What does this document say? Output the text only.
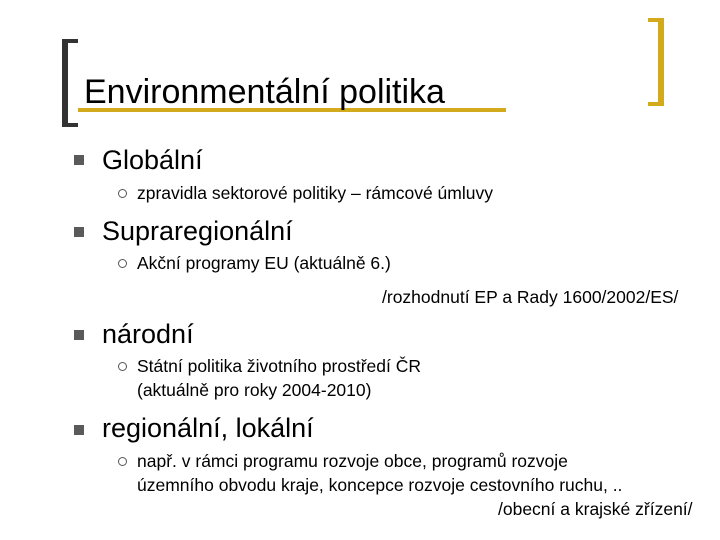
Environmentální politika
Globální
zpravidla sektorové politiky – rámcové úmluvy
Supraregionální
Akční programy EU (aktuálně 6.)
/rozhodnutí EP a Rady 1600/2002/ES/
národní
Státní politika životního prostředí ČR
(aktuálně pro roky 2004-2010)
regionální, lokální
např. v rámci programu rozvoje obce, programů rozvoje
územního obvodu kraje, koncepce rozvoje cestovního ruchu, ..
/obecní a krajské zřízení/
